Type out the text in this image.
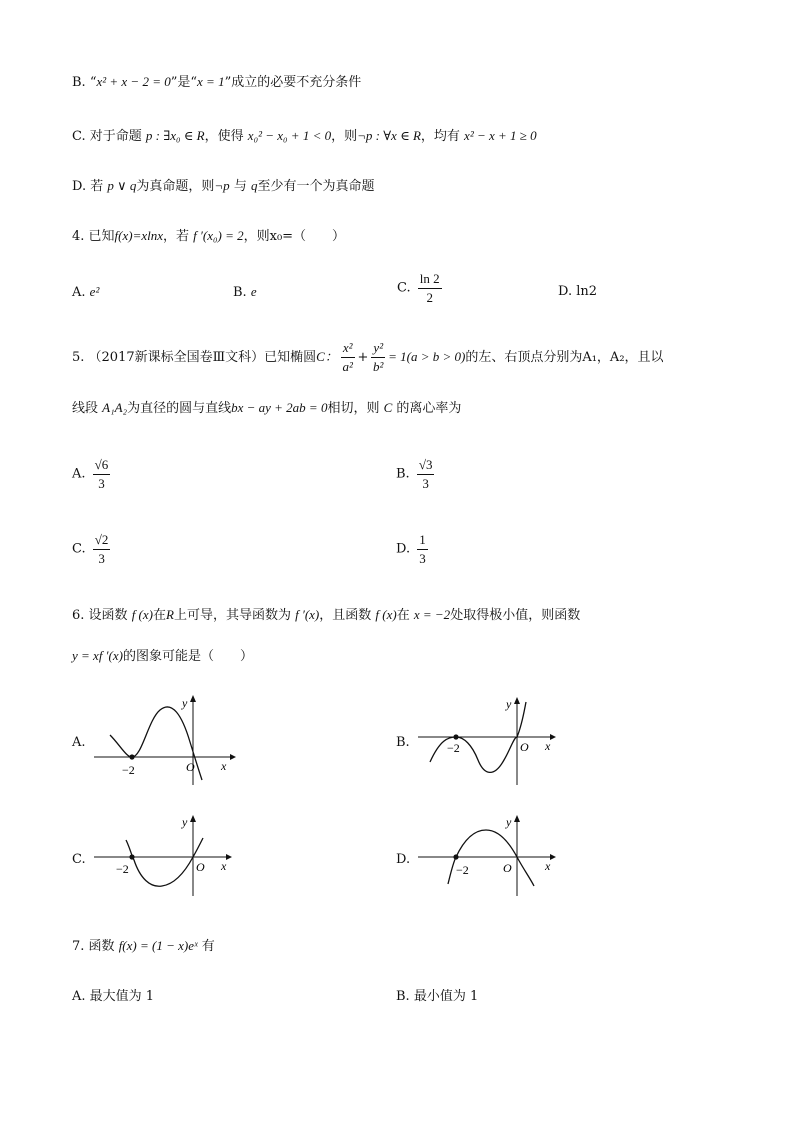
B. “x² + x − 2 = 0”是“x = 1”成立的必要不充分条件
C. 对于命题 p : ∃x₀ ∈ R，使得 x₀² − x₀ + 1 < 0，则¬p : ∀x ∈ R，均有 x² − x + 1 ≥ 0
D. 若 p ∨ q为真命题，则¬p 与 q至少有一个为真命题
4. 已知f(x)=xlnx，若 f ′(x₀) = 2，则x₀=（　　）
A. e²	B. e	C. $\frac{\ln 2}{2}$	D. ln2
5. （2017新课标全国卷Ⅲ文科）已知椭圆C： $\frac{\text{x²}}{\text{a²}} + \frac{\text{y²}}{\text{b²}} = 1(a > b > 0)$的左、右顶点分别为A₁，A₂，且以
线段 A₁A₂为直径的圆与直线bx − ay + 2ab = 0相切，则 C 的离心率为
A. $\frac{√6}{3}$	B. $\frac{√3}{3}$
C. $\frac{√2}{3}$	D. $\frac{1}{3}$
6. 设函数 f (x)在R上可导，其导函数为 f ′(x)，且函数 f (x)在 x = −2处取得极小值，则函数
y = xf ′(x)的图象可能是（　　）
A.
O x
y
−2
B.	O x
y
−2
C.	O x
y
−2
D.
O	x
y
−2
7. 函数 f(x) = (1 − x)eˣ 有
A. 最大值为 1	B. 最小值为 1
